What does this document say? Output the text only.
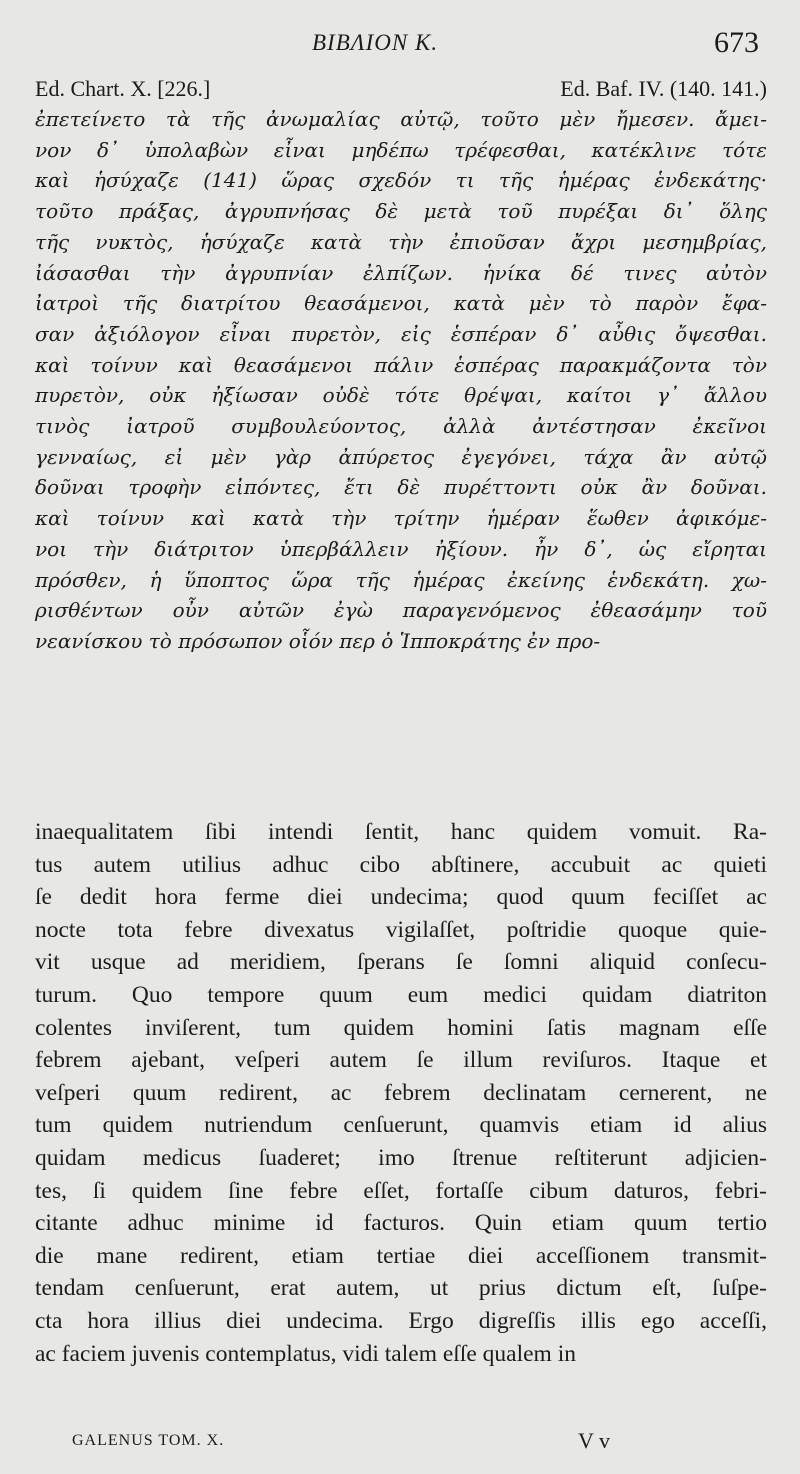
ΒΙΒΛΙΟΝ Κ.	673
Ed. Chart. X. [226.]	Ed. Baf. IV. (140. 141.)
ἐπετείνετο τὰ τῆς ἀνωμαλίας αὐτῷ, τοῦτο μὲν ἤμεσεν. ἄμει-
νον δ᾽ ὑπολαβὼν εἶναι μηδέπω τρέφεσθαι, κατέκλινε τότε
καὶ ἡσύχαζε (141) ὥρας σχεδόν τι τῆς ἡμέρας ἑνδεκάτης·
τοῦτο πράξας, ἀγρυπνήσας δὲ μετὰ τοῦ πυρέξαι δι᾽ ὅλης
τῆς νυκτὸς, ἡσύχαζε κατὰ τὴν ἐπιοῦσαν ἄχρι μεσημβρίας,
ἰάσασθαι τὴν ἀγρυπνίαν ἐλπίζων. ἡνίκα δέ τινες αὐτὸν
ἰατροὶ τῆς διατρίτου θεασάμενοι, κατὰ μὲν τὸ παρὸν ἔφα-
σαν ἀξιόλογον εἶναι πυρετὸν, εἰς ἑσπέραν δ᾽ αὖθις ὄψεσθαι.
καὶ τοίνυν καὶ θεασάμενοι πάλιν ἑσπέρας παρακμάζοντα τὸν
πυρετὸν, οὐκ ἠξίωσαν οὐδὲ τότε θρέψαι, καίτοι γ᾽ ἄλλου
τινὸς ἰατροῦ συμβουλεύοντος, ἀλλὰ ἀντέστησαν ἐκεῖνοι
γενναίως, εἰ μὲν γὰρ ἀπύρετος ἐγεγόνει, τάχα ἂν αὐτῷ
δοῦναι τροφὴν εἰπόντες, ἔτι δὲ πυρέττοντι οὐκ ἂν δοῦναι.
καὶ τοίνυν καὶ κατὰ τὴν τρίτην ἡμέραν ἕωθεν ἀφικόμε-
νοι τὴν διάτριτον ὑπερβάλλειν ἠξίουν. ἦν δ᾽, ὡς εἴρηται
πρόσθεν, ἡ ὕποπτος ὥρα τῆς ἡμέρας ἐκείνης ἑνδεκάτη. χω-
ρισθέντων οὖν αὐτῶν ἐγὼ παραγενόμενος ἐθεασάμην τοῦ
νεανίσκου τὸ πρόσωπον οἷόν περ ὁ Ἱπποκράτης ἐν προ-
inaequalitatem ſibi intendi ſentit, hanc quidem vomuit. Ra-
tus autem utilius adhuc cibo abſtinere, accubuit ac quieti
ſe dedit hora ferme diei undecima; quod quum feciſſet ac
nocte tota febre divexatus vigilaſſet, poſtridie quoque quie-
vit usque ad meridiem, ſperans ſe ſomni aliquid conſecu-
turum. Quo tempore quum eum medici quidam diatriton
colentes inviſerent, tum quidem homini ſatis magnam eſſe
febrem ajebant, veſperi autem ſe illum reviſuros. Itaque et
veſperi quum redirent, ac febrem declinatam cernerent, ne
tum quidem nutriendum cenſuerunt, quamvis etiam id alius
quidam medicus ſuaderet; imo ſtrenue reſtiterunt adjicien-
tes, ſi quidem ſine febre eſſet, fortaſſe cibum daturos, febri-
citante adhuc minime id facturos. Quin etiam quum tertio
die mane redirent, etiam tertiae diei acceſſionem transmit-
tendam cenſuerunt, erat autem, ut prius dictum eſt, ſuſpe-
cta hora illius diei undecima. Ergo digreſſis illis ego acceſſi,
ac faciem juvenis contemplatus, vidi talem eſſe qualem in
GALENUS TOM. X.	V v
